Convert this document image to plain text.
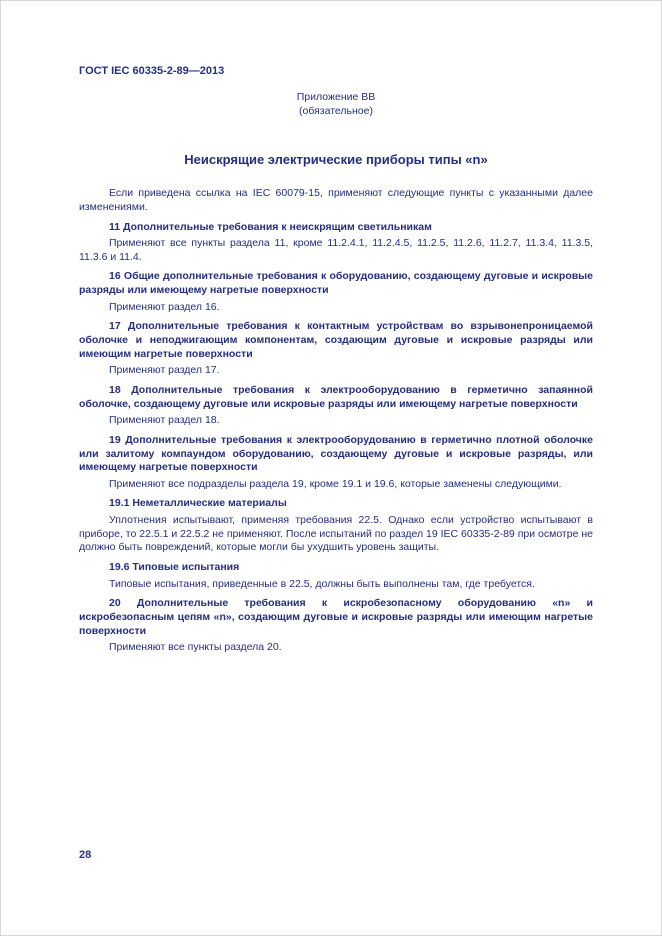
ГОСТ IEC 60335-2-89—2013

Приложение ВВ

(обязательное)

Неискрящие электрические приборы типы «n»

Если приведена ссылка на IEC 60079-15, применяют следующие пункты с указанными далее изменениями.

11 Дополнительные требования к неискрящим светильникам

Применяют все пункты раздела 11, кроме 11.2.4.1, 11.2.4.5, 11.2.5, 11.2.6, 11.2.7, 11.3.4, 11.3.5, 11.3.6 и 11.4.

16 Общие дополнительные требования к оборудованию, создающему дуговые и искровые разряды или имеющему нагретые поверхности

Применяют раздел 16.

17 Дополнительные требования к контактным устройствам во взрывонепроницаемой оболочке и неподжигающим компонентам, создающим дуговые и искровые разряды или имеющим нагретые поверхности

Применяют раздел 17.

18 Дополнительные требования к электрооборудованию в герметично запаянной оболочке, создающему дуговые или искровые разряды или имеющему нагретые поверхности

Применяют раздел 18.

19 Дополнительные требования к электрооборудованию в герметично плотной оболочке или залитому компаундом оборудованию, создающему дуговые и искровые разряды, или имеющему нагретые поверхности

Применяют все подразделы раздела 19, кроме 19.1 и 19.6, которые заменены следующими.

19.1 Неметаллические материалы

Уплотнения испытывают, применяя требования 22.5. Однако если устройство испытывают в приборе, то 22.5.1 и 22.5.2 не применяют. После испытаний по раздел 19 IEC 60335-2-89 при осмотре не должно быть повреждений, которые могли бы ухудшить уровень защиты.

19.6 Типовые испытания

Типовые испытания, приведенные в 22.5, должны быть выполнены там, где требуется.

20 Дополнительные требования к искробезопасному оборудованию «n» и искробезопасным цепям «n», создающим дуговые и искровые разряды или имеющим нагретые поверхности

Применяют все пункты раздела 20.

28
